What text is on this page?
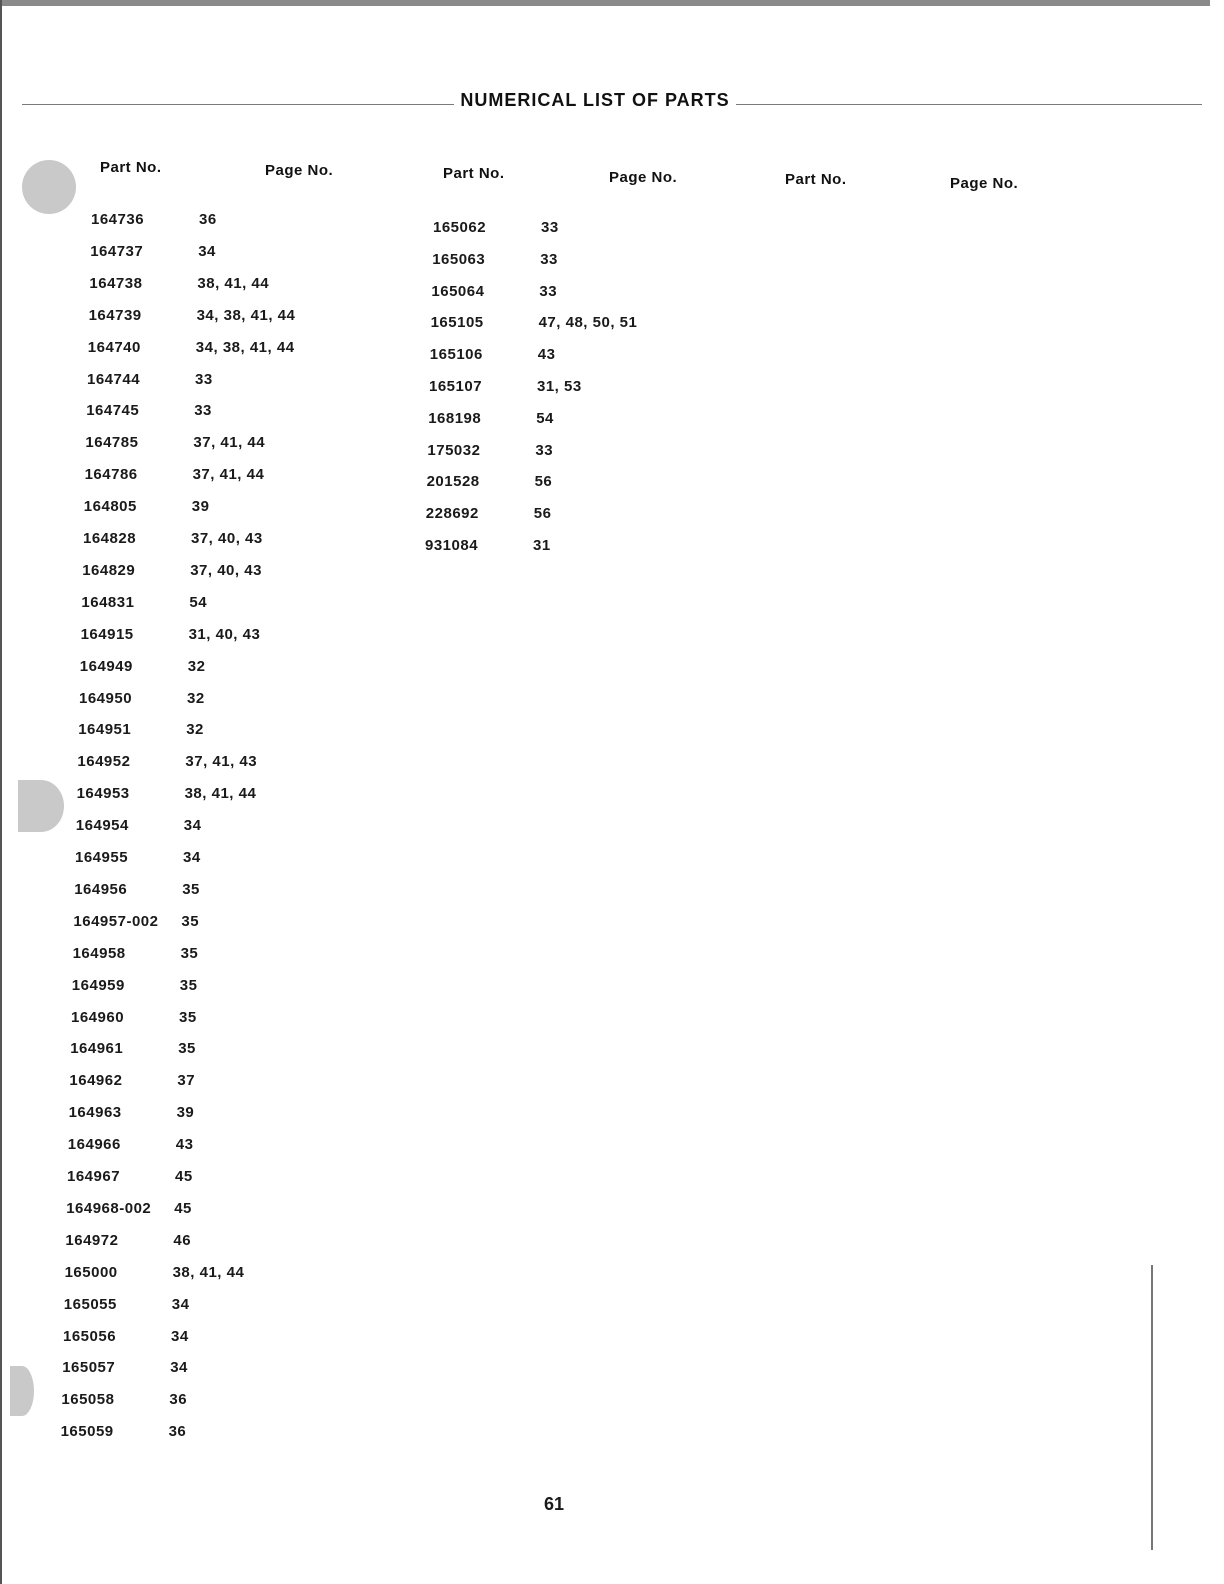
NUMERICAL LIST OF PARTS
Part No.	Page No.	Part No.	Page No.	Part No.	Page No.
164736	36
164737	34
164738	38, 41, 44
164739	34, 38, 41, 44
164740	34, 38, 41, 44
164744	33
164745	33
164785	37, 41, 44
164786	37, 41, 44
164805	39
164828	37, 40, 43
164829	37, 40, 43
164831	54
164915	31, 40, 43
164949	32
164950	32
164951	32
164952	37, 41, 43
164953	38, 41, 44
164954	34
164955	34
164956	35
164957-002 35
164958	35
164959	35
164960	35
164961	35
164962	37
164963	39
164966	43
164967	45
164968-002 45
164972	46
165000	38, 41, 44
165055	34
165056	34
165057	34
165058	36
165059	36
165062	33
165063	33
165064	33
165105	47, 48, 50, 51
165106	43
165107	31, 53
168198	54
175032	33
201528	56
228692	56
931084	31
61
